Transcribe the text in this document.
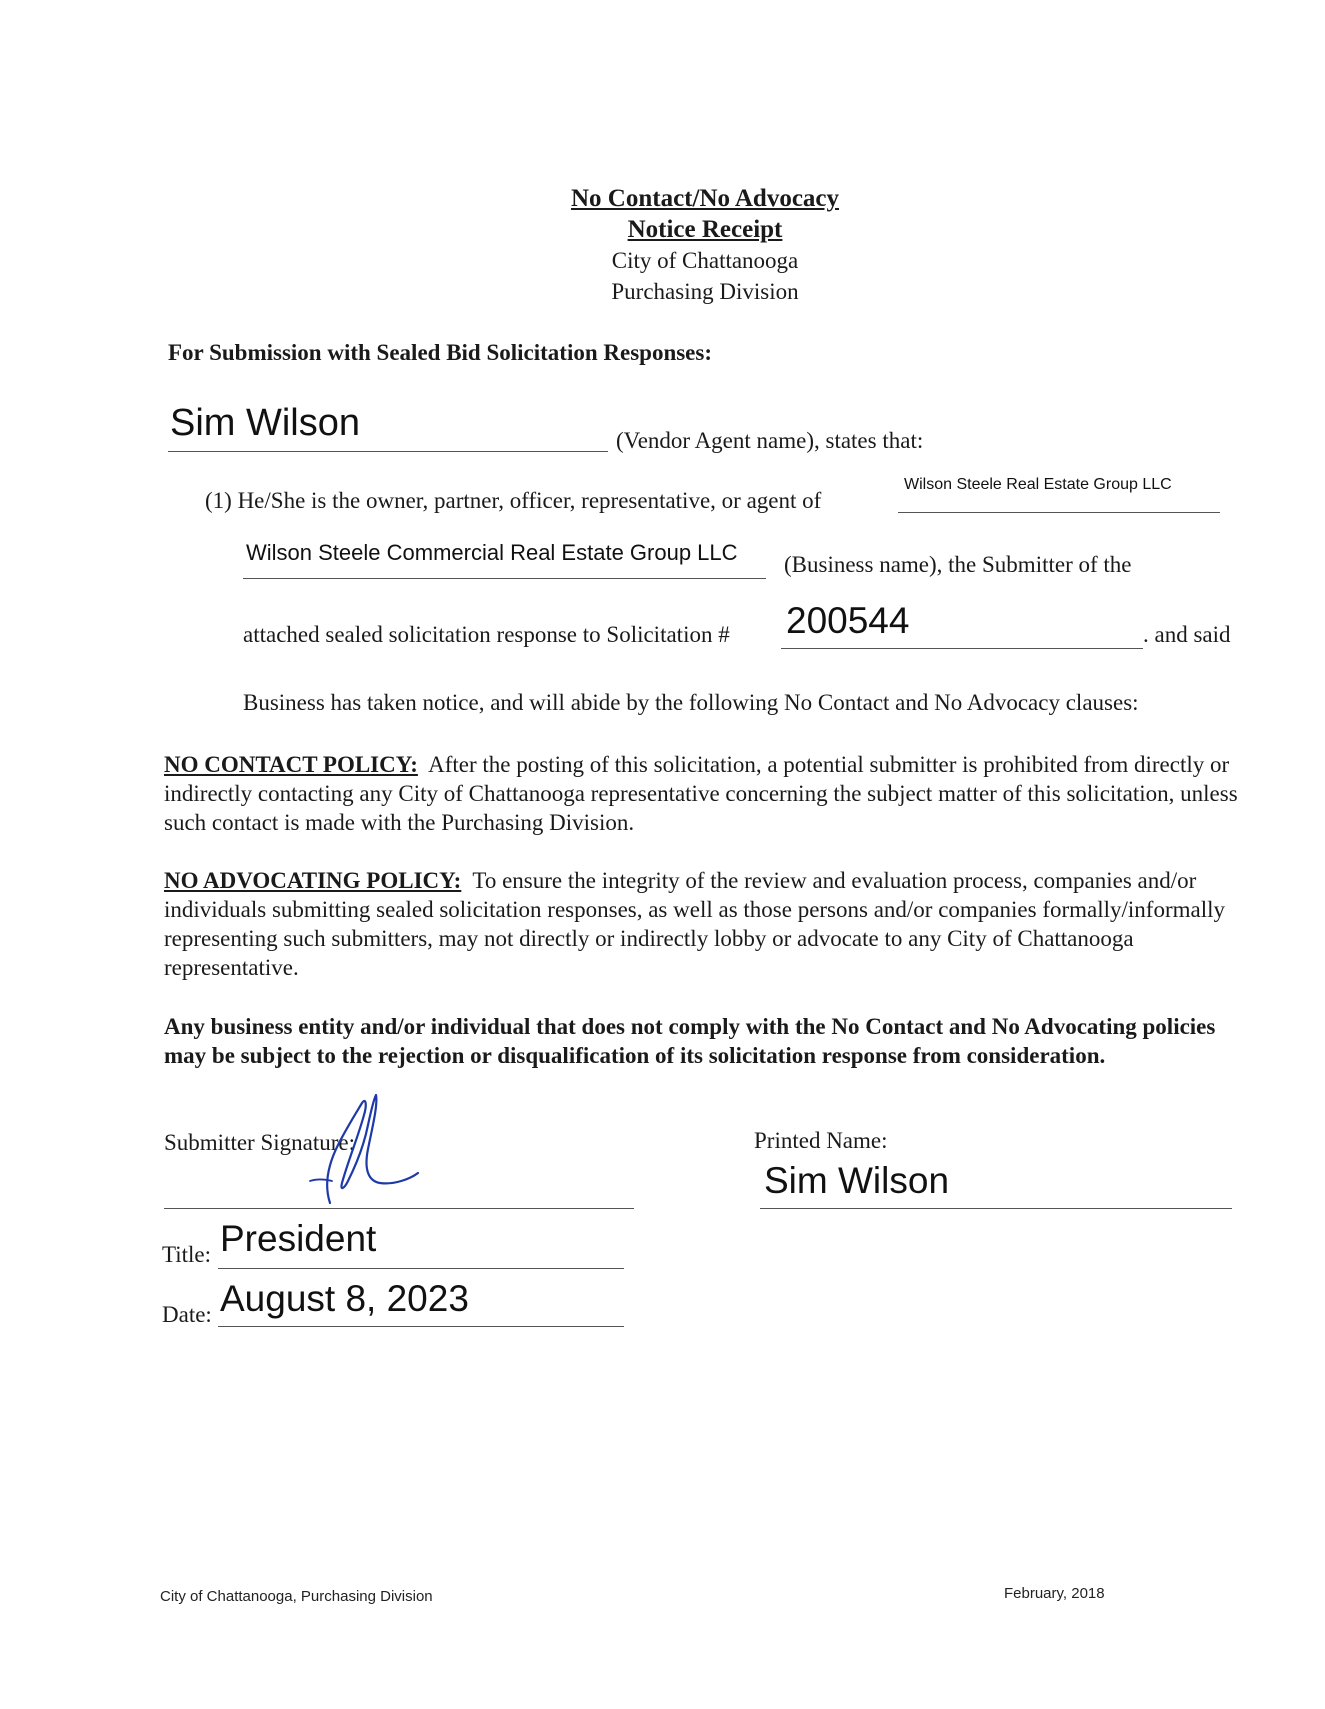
No Contact/No Advocacy
Notice Receipt
City of Chattanooga
Purchasing Division
For Submission with Sealed Bid Solicitation Responses:
Sim Wilson	(Vendor Agent name), states that:
(1) He/She is the owner, partner, officer, representative, or agent of
Wilson Steele Real Estate Group LLC
Wilson Steele Commercial Real Estate Group LLC (Business name), the Submitter of the
attached sealed solicitation response to Solicitation # 200544	. and said
Business has taken notice, and will abide by the following No Contact and No Advocacy clauses:
NO CONTACT POLICY: After the posting of this solicitation, a potential submitter is prohibited from directly or indirectly contacting any City of Chattanooga representative concerning the subject matter of this solicitation, unless such contact is made with the Purchasing Division.
NO ADVOCATING POLICY: To ensure the integrity of the review and evaluation process, companies and/or individuals submitting sealed solicitation responses, as well as those persons and/or companies formally/informally representing such submitters, may not directly or indirectly lobby or advocate to any City of Chattanooga representative.
Any business entity and/or individual that does not comply with the No Contact and No Advocating policies may be subject to the rejection or disqualification of its solicitation response from consideration.
Submitter Signature:	Printed Name:
Sim Wilson
Title: President
Date: August 8, 2023
City of Chattanooga, Purchasing Division	February, 2018
